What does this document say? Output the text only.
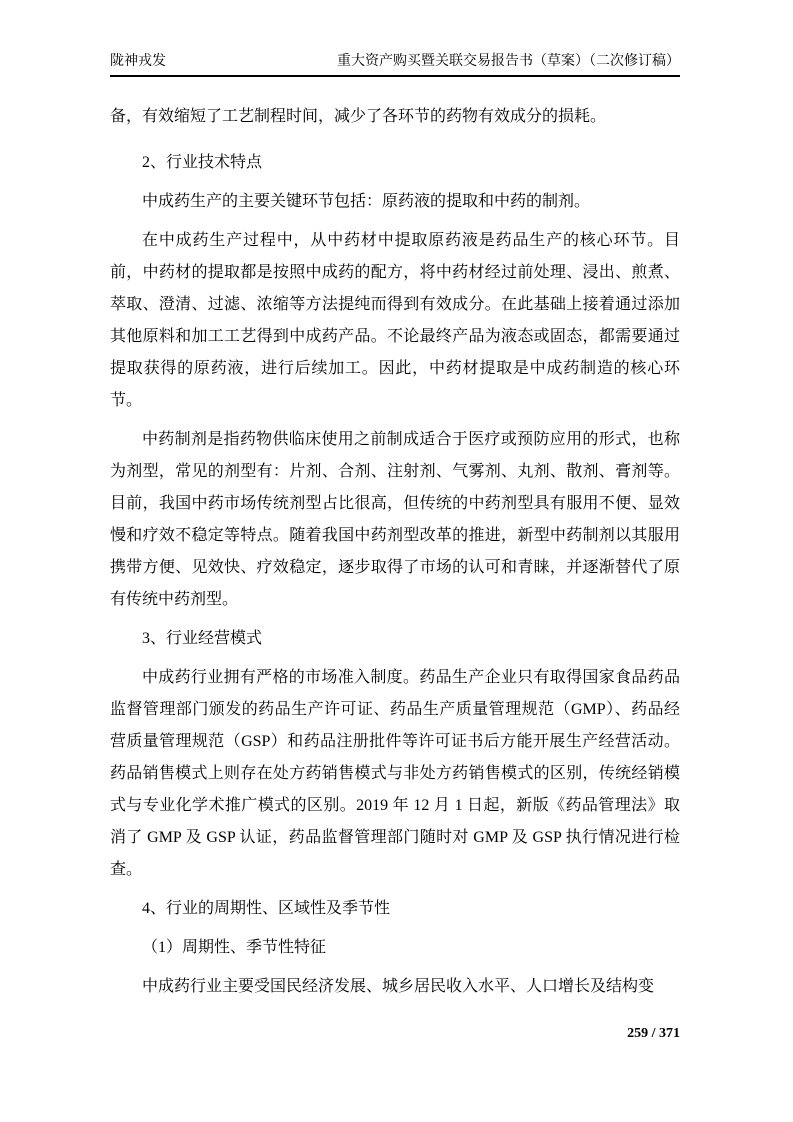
陇神戎发	重大资产购买暨关联交易报告书（草案）（二次修订稿）

备，有效缩短了工艺制程时间，减少了各环节的药物有效成分的损耗。

2、行业技术特点

中成药生产的主要关键环节包括：原药液的提取和中药的制剂。

在中成药生产过程中，从中药材中提取原药液是药品生产的核心环节。目前，中药材的提取都是按照中成药的配方，将中药材经过前处理、浸出、煎煮、萃取、澄清、过滤、浓缩等方法提纯而得到有效成分。在此基础上接着通过添加其他原料和加工工艺得到中成药产品。不论最终产品为液态或固态，都需要通过提取获得的原药液，进行后续加工。因此，中药材提取是中成药制造的核心环节。

中药制剂是指药物供临床使用之前制成适合于医疗或预防应用的形式，也称为剂型，常见的剂型有：片剂、合剂、注射剂、气雾剂、丸剂、散剂、膏剂等。目前，我国中药市场传统剂型占比很高，但传统的中药剂型具有服用不便、显效慢和疗效不稳定等特点。随着我国中药剂型改革的推进，新型中药制剂以其服用携带方便、见效快、疗效稳定，逐步取得了市场的认可和青睐，并逐渐替代了原有传统中药剂型。

3、行业经营模式

中成药行业拥有严格的市场准入制度。药品生产企业只有取得国家食品药品监督管理部门颁发的药品生产许可证、药品生产质量管理规范（GMP）、药品经营质量管理规范（GSP）和药品注册批件等许可证书后方能开展生产经营活动。药品销售模式上则存在处方药销售模式与非处方药销售模式的区别，传统经销模式与专业化学术推广模式的区别。2019 年 12 月 1 日起，新版《药品管理法》取消了 GMP 及 GSP 认证，药品监督管理部门随时对 GMP 及 GSP 执行情况进行检查。

4、行业的周期性、区域性及季节性

（1）周期性、季节性特征

中成药行业主要受国民经济发展、城乡居民收入水平、人口增长及结构变

259 / 371
